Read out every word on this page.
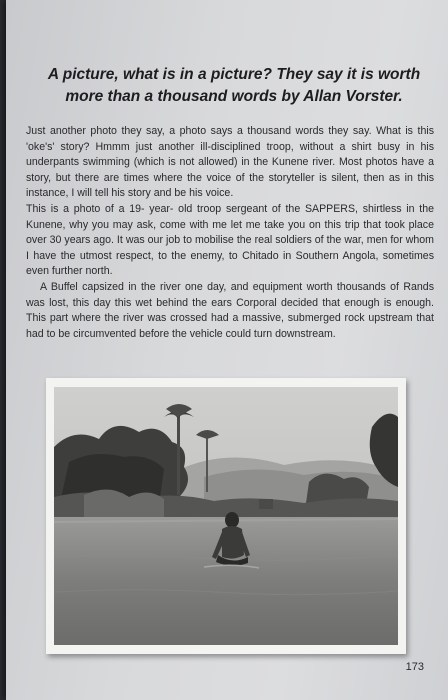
A picture, what is in a picture? They say it is worth more than a thousand words by Allan Vorster.

Just another photo they say, a photo says a thousand words they say. What is this 'oke's' story? Hmmm just another ill-disciplined troop, without a shirt busy in his underpants swimming (which is not allowed) in the Kunene river. Most photos have a story, but there are times where the voice of the storyteller is silent, then as in this instance, I will tell his story and be his voice.

This is a photo of a 19- year- old troop sergeant of the SAPPERS, shirtless in the Kunene, why you may ask, come with me let me take you on this trip that took place over 30 years ago. It was our job to mobilise the real soldiers of the war, men for whom I have the utmost respect, to the enemy, to Chitado in Southern Angola, sometimes even further north.

A Buffel capsized in the river one day, and equipment worth thousands of Rands was lost, this day this wet behind the ears Corporal decided that enough is enough. This part where the river was crossed had a massive, submerged rock upstream that had to be circumvented before the vehicle could turn downstream.

173
